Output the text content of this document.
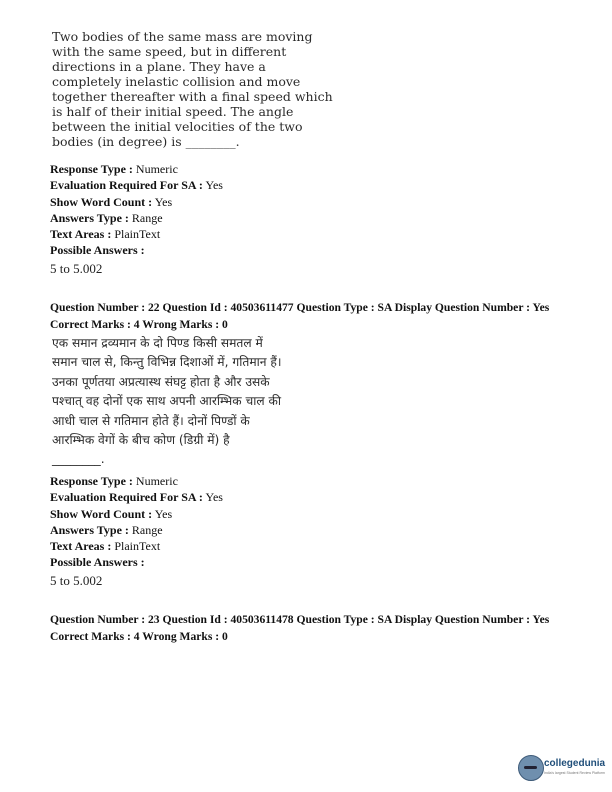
Two bodies of the same mass are moving
with the same speed, but in different
directions in a plane. They have a
completely inelastic collision and move
together thereafter with a final speed which
is half of their initial speed. The angle
between the initial velocities of the two
bodies (in degree) is ________.
Response Type : Numeric
Evaluation Required For SA : Yes
Show Word Count : Yes
Answers Type : Range
Text Areas : PlainText
Possible Answers :
5 to 5.002
Question Number : 22 Question Id : 40503611477 Question Type : SA Display Question Number : Yes
Correct Marks : 4 Wrong Marks : 0
एक समान द्रव्यमान के दो पिण्ड किसी समतल में
समान चाल से, किन्तु विभिन्न दिशाओं में, गतिमान हैं।
उनका पूर्णतया अप्रत्यास्थ संघट्ट होता है और उसके
पश्चात् वह दोनों एक साथ अपनी आरम्भिक चाल की
आधी चाल से गतिमान होते हैं। दोनों पिण्डों के
आरम्भिक वेगों के बीच कोण (डिग्री में) है
________.
Response Type : Numeric
Evaluation Required For SA : Yes
Show Word Count : Yes
Answers Type : Range
Text Areas : PlainText
Possible Answers :
5 to 5.002
Question Number : 23 Question Id : 40503611478 Question Type : SA Display Question Number : Yes
Correct Marks : 4 Wrong Marks : 0
collegedunia
India's largest Student Review Platform
